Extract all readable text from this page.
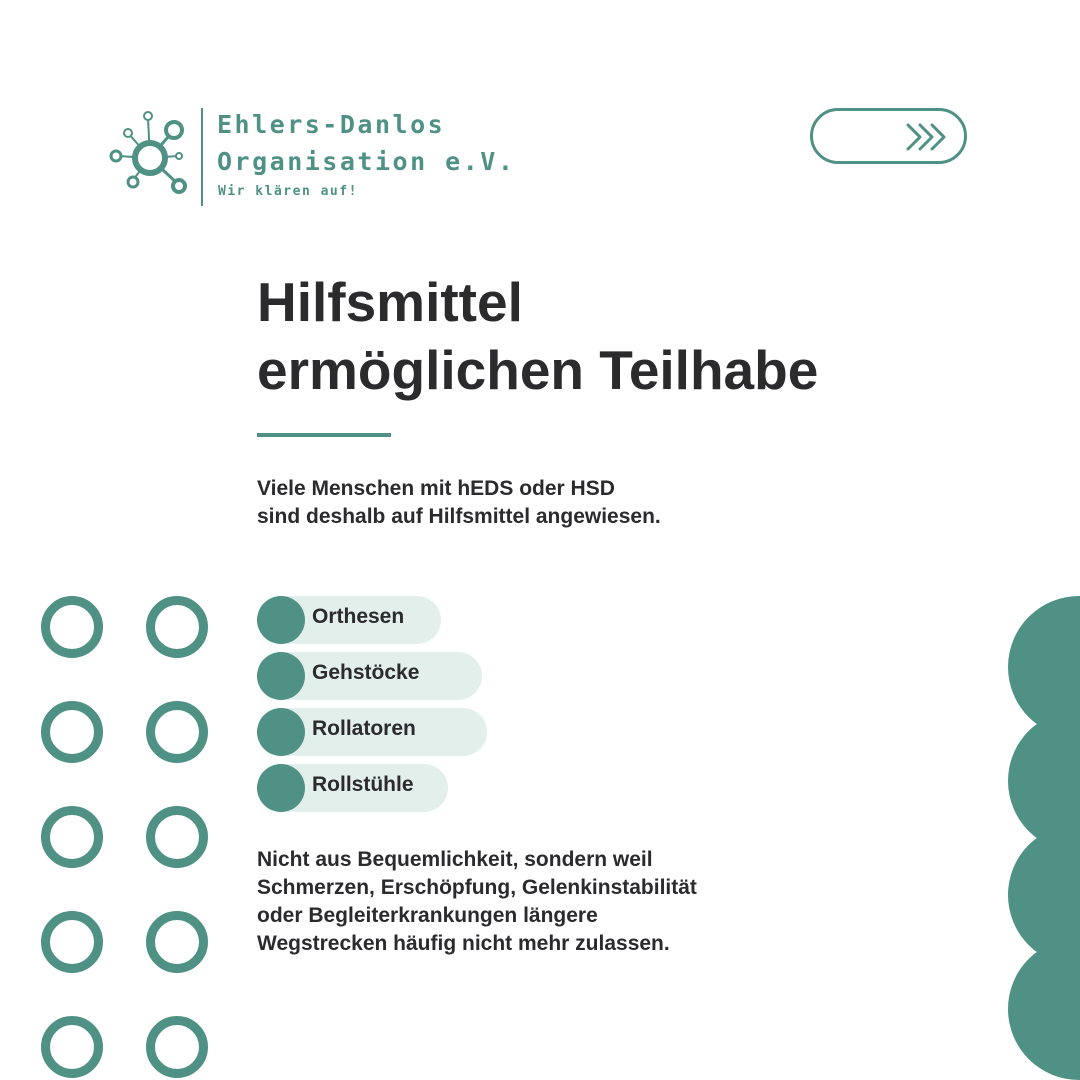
Ehlers-Danlos
Organisation e.V.
Wir klären auf!
Hilfsmittel
ermöglichen Teilhabe
Viele Menschen mit hEDS oder HSD
sind deshalb auf Hilfsmittel angewiesen.
Orthesen
Gehstöcke
Rollatoren
Rollstühle
Nicht aus Bequemlichkeit, sondern weil
Schmerzen, Erschöpfung, Gelenkinstabilität
oder Begleiterkrankungen längere
Wegstrecken häufig nicht mehr zulassen.
